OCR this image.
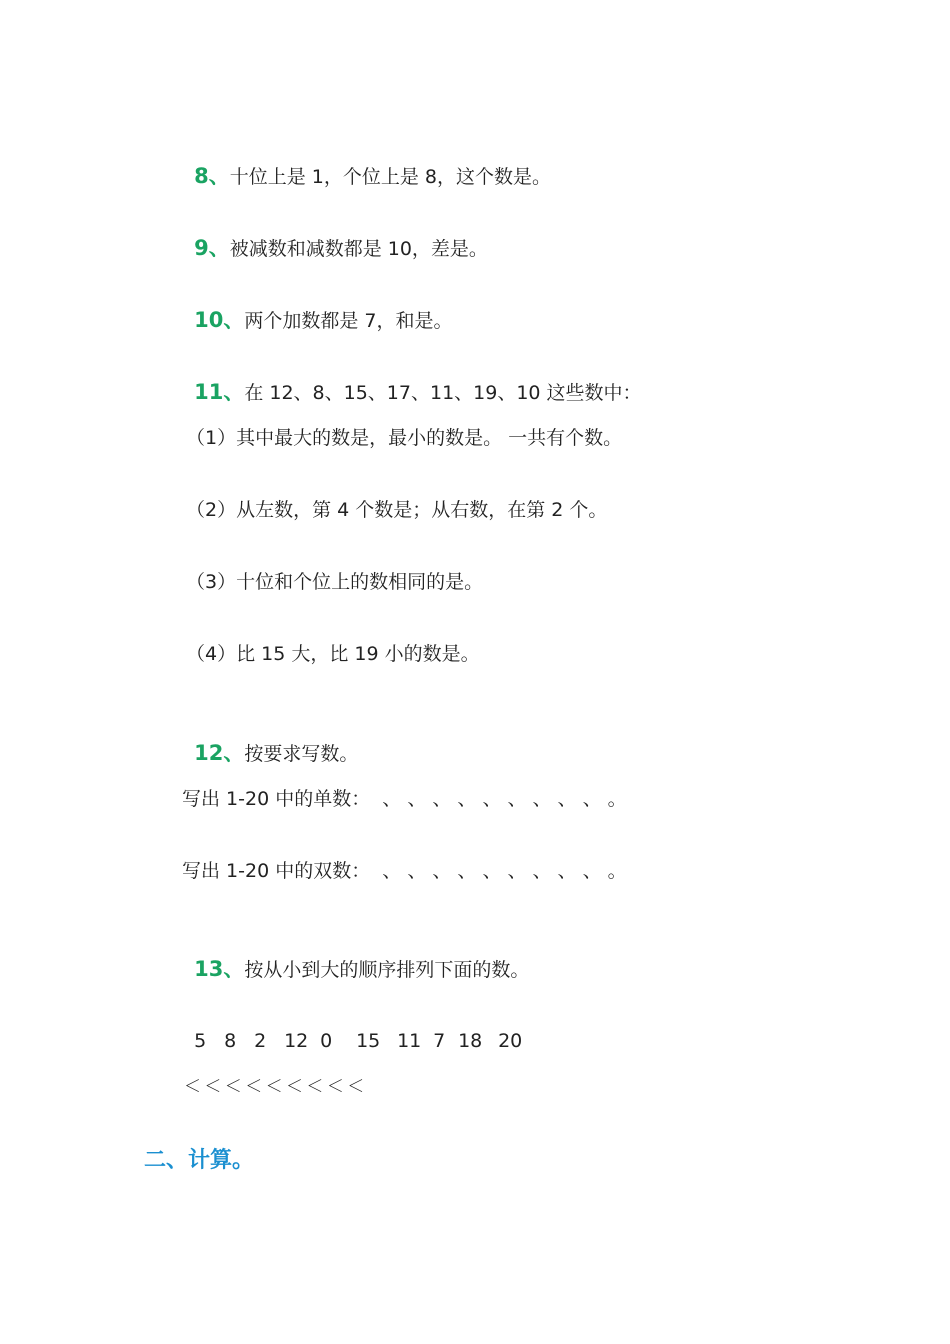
8、十位上是 1，个位上是 8，这个数是。

9、被减数和减数都是 10，差是。

10、两个加数都是 7，和是。

11、在 12、8、15、17、11、19、10 这些数中：

（1）其中最大的数是，最小的数是。 一共有个数。
（2）从左数，第 4 个数是；从右数，在第 2 个。
（3）十位和个位上的数相同的是。
（4）比 15 大，比 19 小的数是。

12、按要求写数。

写出 1-20 中的单数：  、 、 、 、 、 、 、 、 、 。
写出 1-20 中的双数：  、 、 、 、 、 、 、 、 、 。

13、按从小到大的顺序排列下面的数。

5 8 2 12 0 15 11 7 18 20

＜ ＜ ＜ ＜ ＜ ＜ ＜ ＜ ＜
二、计算。
